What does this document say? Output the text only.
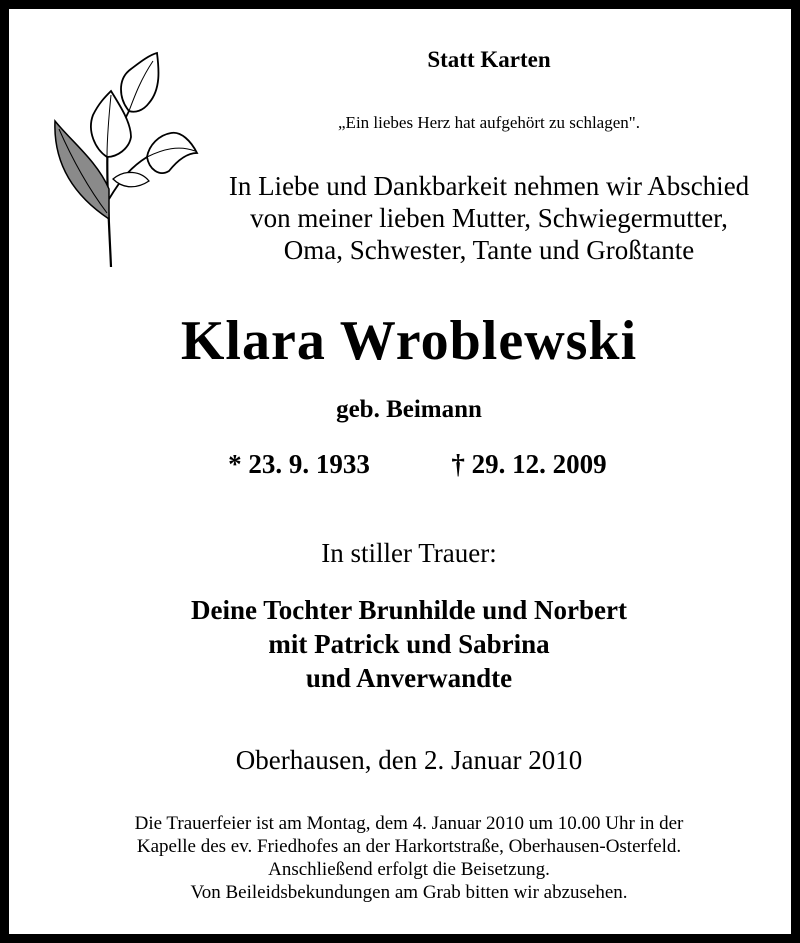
Statt Karten
„Ein liebes Herz hat aufgehört zu schlagen".
In Liebe und Dankbarkeit nehmen wir Abschied
von meiner lieben Mutter, Schwiegermutter,
Oma, Schwester, Tante und Großtante
Klara Wroblewski
geb. Beimann
* 23. 9. 1933	† 29. 12. 2009
In stiller Trauer:
Deine Tochter Brunhilde und Norbert
mit Patrick und Sabrina
und Anverwandte
Oberhausen, den 2. Januar 2010
Die Trauerfeier ist am Montag, dem 4. Januar 2010 um 10.00 Uhr in der
Kapelle des ev. Friedhofes an der Harkortstraße, Oberhausen-Osterfeld.
Anschließend erfolgt die Beisetzung.
Von Beileidsbekundungen am Grab bitten wir abzusehen.
